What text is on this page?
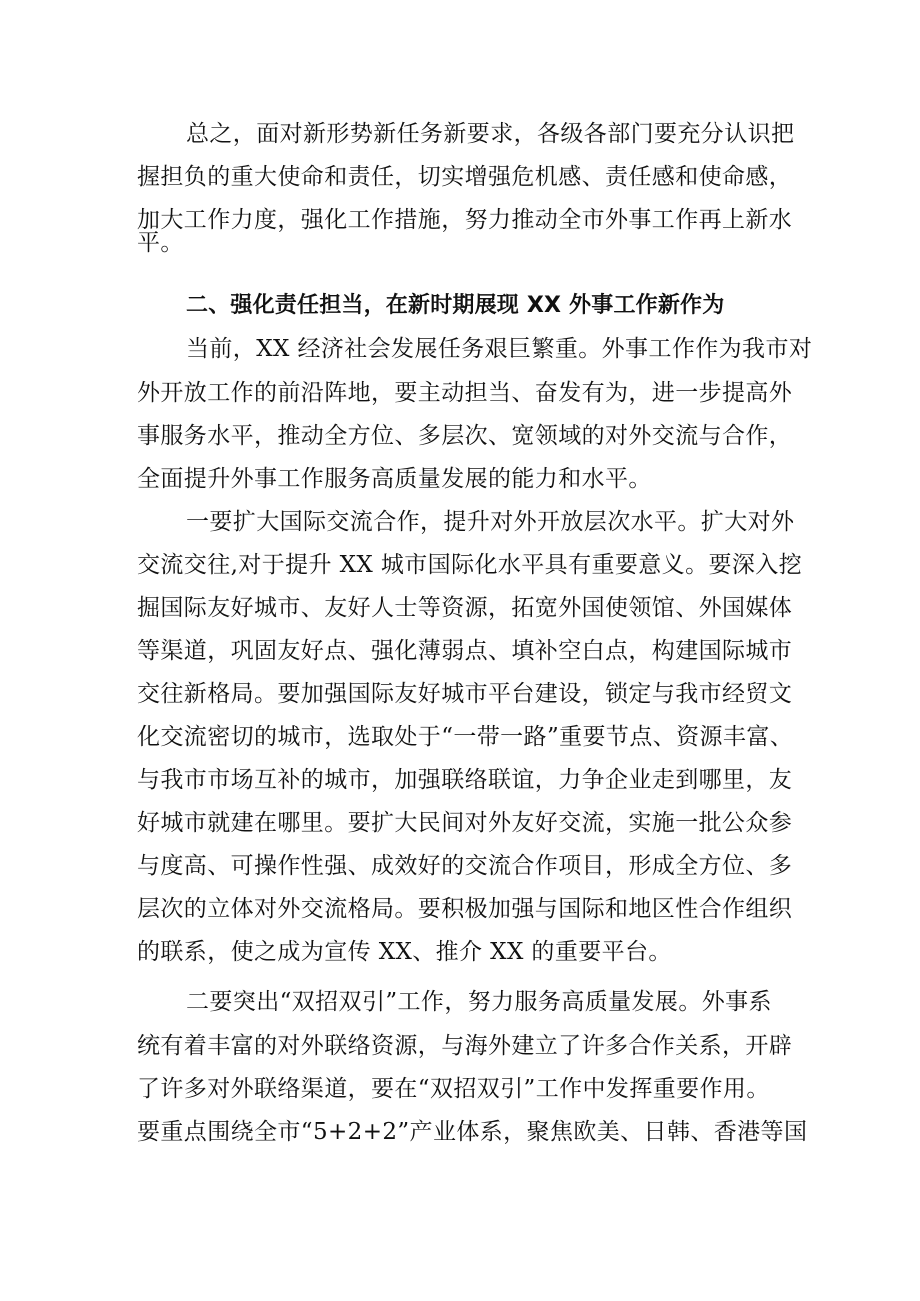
总之，面对新形势新任务新要求，各级各部门要充分认识把
握担负的重大使命和责任，切实增强危机感、责任感和使命感，
加大工作力度，强化工作措施，努力推动全市外事工作再上新水
平。
二、强化责任担当，在新时期展现 XX 外事工作新作为
当前，XX 经济社会发展任务艰巨繁重。外事工作作为我市对
外开放工作的前沿阵地，要主动担当、奋发有为，进一步提高外
事服务水平，推动全方位、多层次、宽领域的对外交流与合作，
全面提升外事工作服务高质量发展的能力和水平。
一要扩大国际交流合作，提升对外开放层次水平。扩大对外
交流交往,对于提升 XX 城市国际化水平具有重要意义。要深入挖
掘国际友好城市、友好人士等资源，拓宽外国使领馆、外国媒体
等渠道，巩固友好点、强化薄弱点、填补空白点，构建国际城市
交往新格局。要加强国际友好城市平台建设，锁定与我市经贸文
化交流密切的城市，选取处于“一带一路”重要节点、资源丰富、
与我市市场互补的城市，加强联络联谊，力争企业走到哪里，友
好城市就建在哪里。要扩大民间对外友好交流，实施一批公众参
与度高、可操作性强、成效好的交流合作项目，形成全方位、多
层次的立体对外交流格局。要积极加强与国际和地区性合作组织
的联系，使之成为宣传 XX、推介 XX 的重要平台。
二要突出“双招双引”工作，努力服务高质量发展。外事系
统有着丰富的对外联络资源，与海外建立了许多合作关系，开辟
了许多对外联络渠道，要在“双招双引”工作中发挥重要作用。
要重点围绕全市“5+2+2”产业体系，聚焦欧美、日韩、香港等国
